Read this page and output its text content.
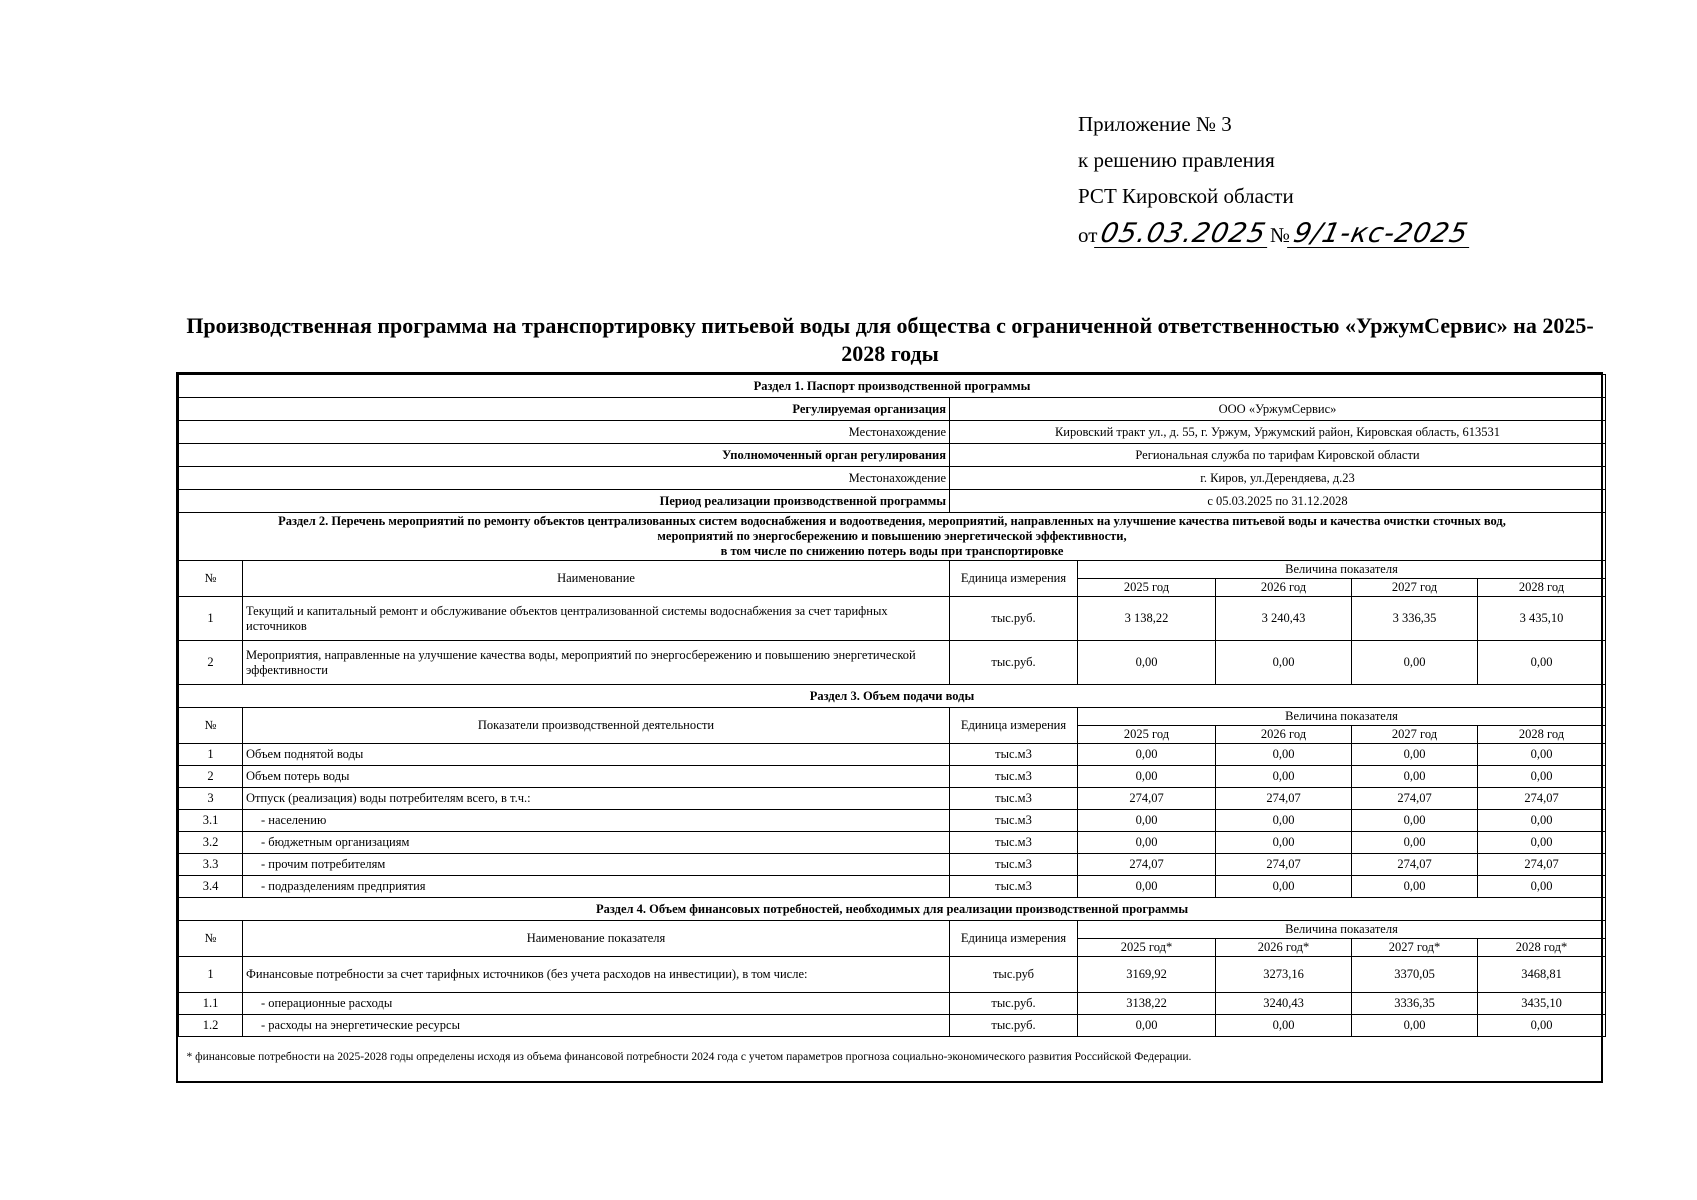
Приложение № 3
к решению правления
РСТ Кировской области
от 05.03.2025 № 9/1-кс-2025
Производственная программа на транспортировку питьевой воды для общества с ограниченной ответственностью «УржумСервис» на 2025-2028 годы
Раздел 1. Паспорт производственной программы						
Регулируемая организация		ООО «УржумСервис»				
Местонахождение		Кировский тракт ул., д. 55, г. Уржум, Уржумский район, Кировская область, 613531				
Уполномоченный орган регулирования		Региональная служба по тарифам Кировской области				
Местонахождение		г. Киров, ул.Дерендяева, д.23				
Период реализации производственной программы		с 05.03.2025 по 31.12.2028				

Раздел 2. Перечень мероприятий по ремонту объектов централизованных систем водоснабжения и водоотведения, мероприятий, направленных на улучшение качества питьевой воды и качества очистки сточных вод,
мероприятий по энергосбережению и повышению энергетической эффективности,
в том числе по снижению потерь воды при транспортировке						

№	Наименование	Единица измерения	Величина показателя			
			2025 год	2026 год	2027 год	2028 год
1	Текущий и капитальный ремонт и обслуживание объектов централизованной системы водоснабжения за счет тарифных источников	тыс.руб.	3 138,22	3 240,43	3 336,35	3 435,10
2	Мероприятия, направленные на улучшение качества воды, мероприятий по энергосбережению и повышению энергетической эффективности	тыс.руб.	0,00	0,00	0,00	0,00
Раздел 3. Объем подачи воды						
№	Показатели производственной деятельности	Единица измерения	Величина показателя			
			2025 год	2026 год	2027 год	2028 год
1	Объем поднятой воды	тыс.м3	0,00	0,00	0,00	0,00
2	Объем потерь воды	тыс.м3	0,00	0,00	0,00	0,00
3	Отпуск (реализация) воды потребителям всего, в т.ч.:	тыс.м3	274,07	274,07	274,07	274,07
3.1	- населению	тыс.м3	0,00	0,00	0,00	0,00
3.2	- бюджетным организациям	тыс.м3	0,00	0,00	0,00	0,00
3.3	- прочим потребителям	тыс.м3	274,07	274,07	274,07	274,07
3.4	- подразделениям предприятия	тыс.м3	0,00	0,00	0,00	0,00
Раздел 4. Объем финансовых потребностей, необходимых для реализации производственной программы						
№	Наименование показателя	Единица измерения	Величина показателя			
			2025 год*	2026 год*	2027 год*	2028 год*
1	Финансовые потребности за счет тарифных источников (без учета расходов на инвестиции), в том числе:	тыс.руб	3169,92	3273,16	3370,05	3468,81
1.1	- операционные расходы	тыс.руб.	3138,22	3240,43	3336,35	3435,10
1.2	- расходы на энергетические ресурсы	тыс.руб.	0,00	0,00	0,00	0,00
* финансовые потребности на 2025-2028 годы определены исходя из объема финансовой потребности 2024 года с учетом параметров прогноза социально-экономического развития Российской Федерации.						
